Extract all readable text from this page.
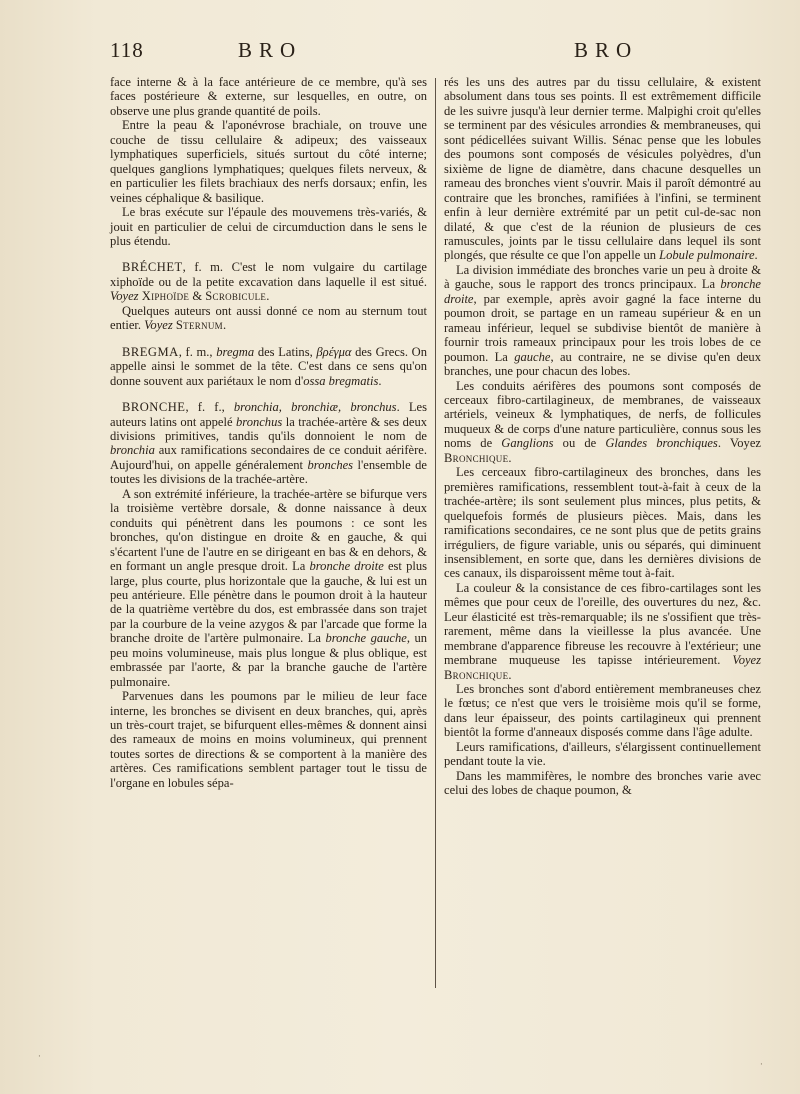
118	BRO	BRO

face interne & à la face antérieure de ce membre, qu'à ses faces postérieure & externe, sur lesquelles, en outre, on observe une plus grande quantité de poils.

Entre la peau & l'aponévrose brachiale, on trouve une couche de tissu cellulaire & adipeux; des vaisseaux lymphatiques superficiels, situés surtout du côté interne; quelques ganglions lymphatiques; quelques filets nerveux, & en particulier les filets brachiaux des nerfs dorsaux; enfin, les veines céphalique & basilique.

Le bras exécute sur l'épaule des mouvemens très-variés, & jouit en particulier de celui de circumduction dans le sens le plus étendu.

BRÉCHET, f. m. C'est le nom vulgaire du cartilage xiphoïde ou de la petite excavation dans laquelle il est situé. Voyez Xiphoïde & Scrobicule.

Quelques auteurs ont aussi donné ce nom au sternum tout entier. Voyez Sternum.

BREGMA, f. m., bregma des Latins, βρέγμα des Grecs. On appelle ainsi le sommet de la tête. C'est dans ce sens qu'on donne souvent aux pariétaux le nom d'ossa bregmatis.

BRONCHE, f. f., bronchia, bronchiæ, bronchus. Les auteurs latins ont appelé bronchus la trachée-artère & ses deux divisions primitives, tandis qu'ils donnoient le nom de bronchia aux ramifications secondaires de ce conduit aérifère. Aujourd'hui, on appelle généralement bronches l'ensemble de toutes les divisions de la trachée-artère.

A son extrémité inférieure, la trachée-artère se bifurque vers la troisième vertèbre dorsale, & donne naissance à deux conduits qui pénètrent dans les poumons : ce sont les bronches, qu'on distingue en droite & en gauche, & qui s'écartent l'une de l'autre en se dirigeant en bas & en dehors, & en formant un angle presque droit. La bronche droite est plus large, plus courte, plus horizontale que la gauche, & lui est un peu antérieure. Elle pénètre dans le poumon droit à la hauteur de la quatrième vertèbre du dos, est embrassée dans son trajet par la courbure de la veine azygos & par l'arcade que forme la branche droite de l'artère pulmonaire. La bronche gauche, un peu moins volumineuse, mais plus longue & plus oblique, est embrassée par l'aorte, & par la branche gauche de l'artère pulmonaire.

Parvenues dans les poumons par le milieu de leur face interne, les bronches se divisent en deux branches, qui, après un très-court trajet, se bifurquent elles-mêmes & donnent ainsi des rameaux de moins en moins volumineux, qui prennent toutes sortes de directions & se comportent à la manière des artères. Ces ramifications semblent partager tout le tissu de l'organe en lobules sépa-

rés les uns des autres par du tissu cellulaire, & existent absolument dans tous ses points. Il est extrêmement difficile de les suivre jusqu'à leur dernier terme. Malpighi croit qu'elles se terminent par des vésicules arrondies & membraneuses, qui sont pédicellées suivant Willis. Sénac pense que les lobules des poumons sont composés de vésicules polyèdres, d'un sixième de ligne de diamètre, dans chacune desquelles un rameau des bronches vient s'ouvrir. Mais il paroît démontré au contraire que les bronches, ramifiées à l'infini, se terminent enfin à leur dernière extrémité par un petit cul-de-sac non dilaté, & que c'est de la réunion de plusieurs de ces ramuscules, joints par le tissu cellulaire dans lequel ils sont plongés, que résulte ce que l'on appelle un Lobule pulmonaire.

La division immédiate des bronches varie un peu à droite & à gauche, sous le rapport des troncs principaux. La bronche droite, par exemple, après avoir gagné la face interne du poumon droit, se partage en un rameau supérieur & en un rameau inférieur, lequel se subdivise bientôt de manière à fournir trois rameaux principaux pour les trois lobes de ce poumon. La gauche, au contraire, ne se divise qu'en deux branches, une pour chacun des lobes.

Les conduits aérifères des poumons sont composés de cerceaux fibro-cartilagineux, de membranes, de vaisseaux artériels, veineux & lymphatiques, de nerfs, de follicules muqueux & de corps d'une nature particulière, connus sous les noms de Ganglions ou de Glandes bronchiques. Voyez Bronchique.

Les cerceaux fibro-cartilagineux des bronches, dans les premières ramifications, ressemblent tout-à-fait à ceux de la trachée-artère; ils sont seulement plus minces, plus petits, & quelquefois formés de plusieurs pièces. Mais, dans les ramifications secondaires, ce ne sont plus que de petits grains irréguliers, de figure variable, unis ou séparés, qui diminuent insensiblement, en sorte que, dans les dernières divisions de ces canaux, ils disparoissent même tout à-fait.

La couleur & la consistance de ces fibro-cartilages sont les mêmes que pour ceux de l'oreille, des ouvertures du nez, &c. Leur élasticité est très-remarquable; ils ne s'ossifient que très-rarement, même dans la vieillesse la plus avancée. Une membrane d'apparence fibreuse les recouvre à l'extérieur; une membrane muqueuse les tapisse intérieurement. Voyez Bronchique.

Les bronches sont d'abord entièrement membraneuses chez le fœtus; ce n'est que vers le troisième mois qu'il se forme, dans leur épaisseur, des points cartilagineux qui prennent bientôt la forme d'anneaux disposés comme dans l'âge adulte.

Leurs ramifications, d'ailleurs, s'élargissent continuellement pendant toute la vie.

Dans les mammifères, le nombre des bronches varie avec celui des lobes de chaque poumon, &

·
·
